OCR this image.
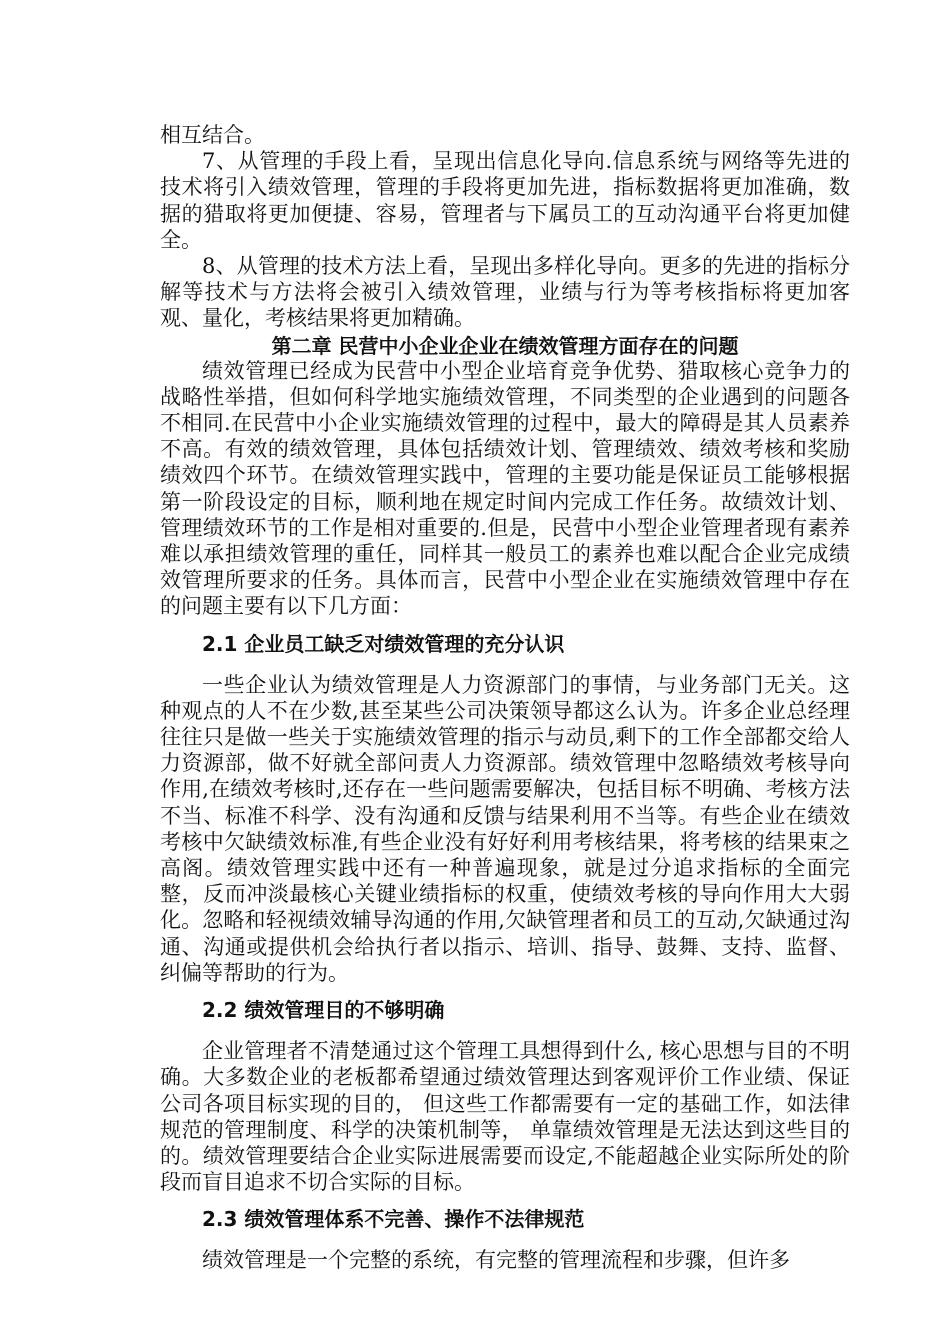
相互结合。

7、从管理的手段上看，呈现出信息化导向.信息系统与网络等先进的技术将引入绩效管理，管理的手段将更加先进，指标数据将更加准确，数据的猎取将更加便捷、容易，管理者与下属员工的互动沟通平台将更加健全。

8、从管理的技术方法上看，呈现出多样化导向。更多的先进的指标分解等技术与方法将会被引入绩效管理，业绩与行为等考核指标将更加客观、量化，考核结果将更加精确。

第二章 民营中小企业企业在绩效管理方面存在的问题

绩效管理已经成为民营中小型企业培育竞争优势、猎取核心竞争力的战略性举措，但如何科学地实施绩效管理，不同类型的企业遇到的问题各不相同.在民营中小企业实施绩效管理的过程中，最大的障碍是其人员素养不高。有效的绩效管理，具体包括绩效计划、管理绩效、绩效考核和奖励绩效四个环节。在绩效管理实践中，管理的主要功能是保证员工能够根据第一阶段设定的目标，顺利地在规定时间内完成工作任务。故绩效计划、管理绩效环节的工作是相对重要的.但是，民营中小型企业管理者现有素养难以承担绩效管理的重任，同样其一般员工的素养也难以配合企业完成绩效管理所要求的任务。具体而言，民营中小型企业在实施绩效管理中存在的问题主要有以下几方面：

2.1 企业员工缺乏对绩效管理的充分认识

一些企业认为绩效管理是人力资源部门的事情，与业务部门无关。这种观点的人不在少数,甚至某些公司决策领导都这么认为。许多企业总经理往往只是做一些关于实施绩效管理的指示与动员,剩下的工作全部都交给人力资源部，做不好就全部问责人力资源部。绩效管理中忽略绩效考核导向作用,在绩效考核时,还存在一些问题需要解决，包括目标不明确、考核方法不当、标准不科学、没有沟通和反馈与结果利用不当等。有些企业在绩效考核中欠缺绩效标准,有些企业没有好好利用考核结果，将考核的结果束之高阁。绩效管理实践中还有一种普遍现象，就是过分追求指标的全面完整，反而冲淡最核心关键业绩指标的权重，使绩效考核的导向作用大大弱化。忽略和轻视绩效辅导沟通的作用,欠缺管理者和员工的互动,欠缺通过沟通、沟通或提供机会给执行者以指示、培训、指导、鼓舞、支持、监督、纠偏等帮助的行为。

2.2 绩效管理目的不够明确

企业管理者不清楚通过这个管理工具想得到什么, 核心思想与目的不明确。大多数企业的老板都希望通过绩效管理达到客观评价工作业绩、保证公司各项目标实现的目的， 但这些工作都需要有一定的基础工作，如法律规范的管理制度、科学的决策机制等， 单靠绩效管理是无法达到这些目的的。绩效管理要结合企业实际进展需要而设定,不能超越企业实际所处的阶段而盲目追求不切合实际的目标。

2.3 绩效管理体系不完善、操作不法律规范

绩效管理是一个完整的系统，有完整的管理流程和步骤，但许多
